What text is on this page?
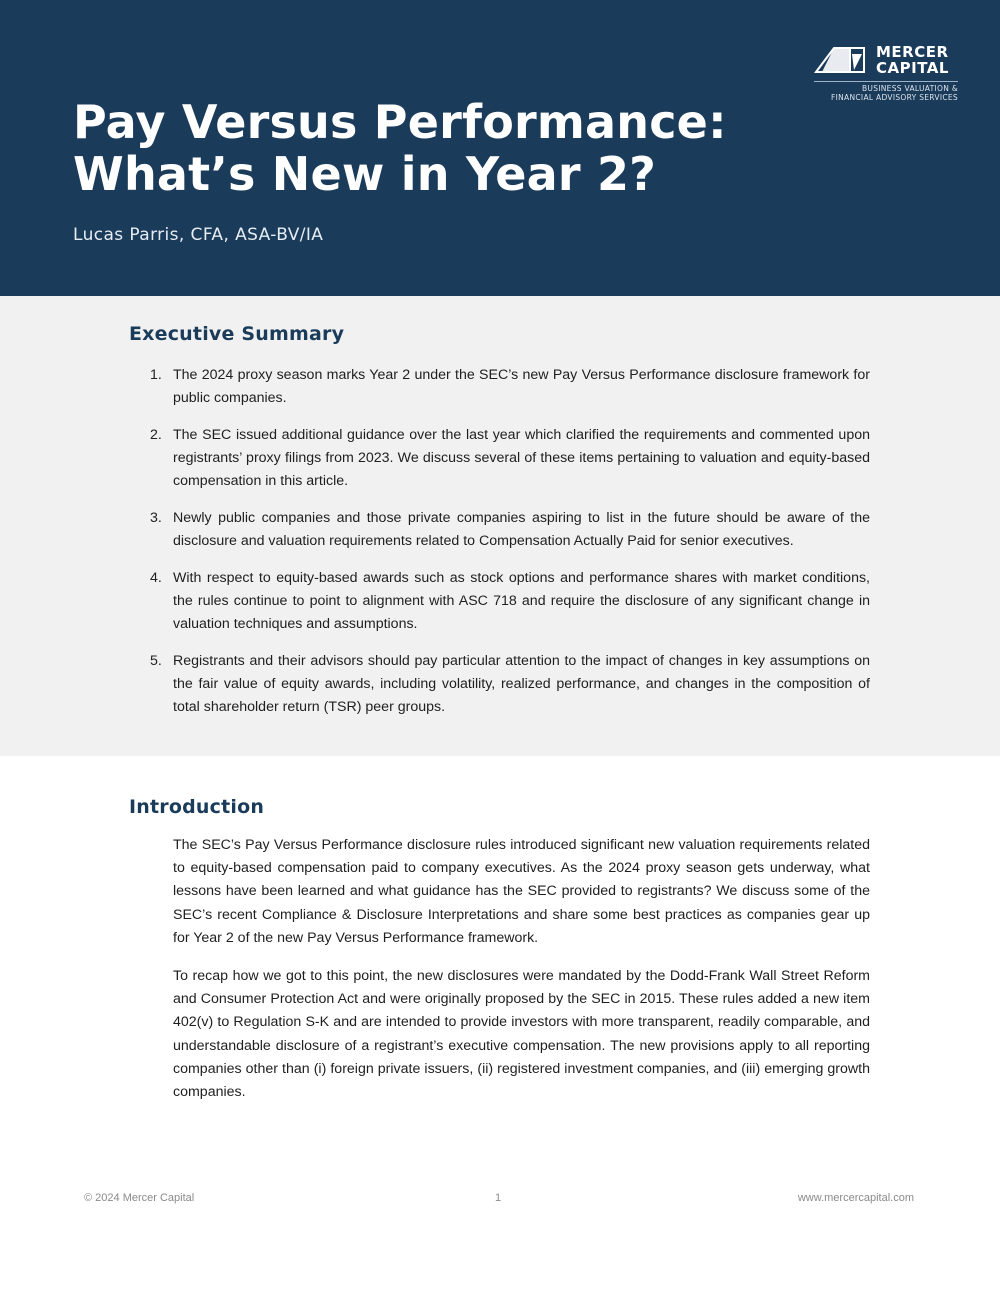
MERCER
CAPITAL
BUSINESS VALUATION &
FINANCIAL ADVISORY SERVICES
Pay Versus Performance:
What’s New in Year 2?
Lucas Parris, CFA, ASA-BV/IA
Executive Summary
1. The 2024 proxy season marks Year 2 under the SEC’s new Pay Versus Performance disclosure framework for public companies.
2. The SEC issued additional guidance over the last year which clarified the requirements and commented upon registrants’ proxy filings from 2023. We discuss several of these items pertaining to valuation and equity-based compensation in this article.
3. Newly public companies and those private companies aspiring to list in the future should be aware of the disclosure and valuation requirements related to Compensation Actually Paid for senior executives.
4. With respect to equity-based awards such as stock options and performance shares with market conditions, the rules continue to point to alignment with ASC 718 and require the disclosure of any significant change in valuation techniques and assumptions.
5. Registrants and their advisors should pay particular attention to the impact of changes in key assumptions on the fair value of equity awards, including volatility, realized performance, and changes in the composition of total shareholder return (TSR) peer groups.
Introduction

The SEC’s Pay Versus Performance disclosure rules introduced significant new valuation requirements related to equity-based compensation paid to company executives. As the 2024 proxy season gets underway, what lessons have been learned and what guidance has the SEC provided to registrants? We discuss some of the SEC’s recent Compliance & Disclosure Interpretations and share some best practices as companies gear up for Year 2 of the new Pay Versus Performance framework.

To recap how we got to this point, the new disclosures were mandated by the Dodd-Frank Wall Street Reform and Consumer Protection Act and were originally proposed by the SEC in 2015. These rules added a new item 402(v) to Regulation S-K and are intended to provide investors with more transparent, readily comparable, and understandable disclosure of a registrant’s executive compensation. The new provisions apply to all reporting companies other than (i) foreign private issuers, (ii) registered investment companies, and (iii) emerging growth companies.

© 2024 Mercer Capital	1	www.mercercapital.com
